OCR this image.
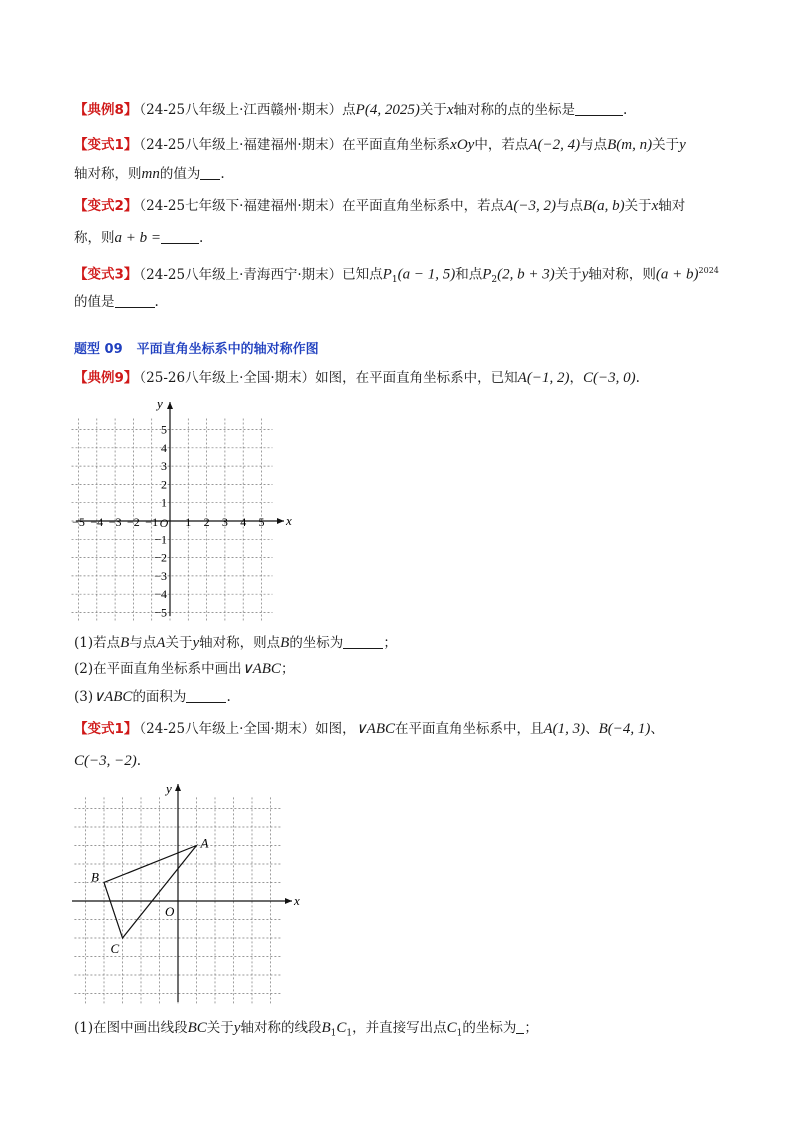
【典例8】 （24-25八年级上·江西赣州·期末）点P(4, 2025)关于x轴对称的点的坐标是	.
【变式1】 （24-25八年级上·福建福州·期末）在平面直角坐标系xOy中，若点A(−2, 4)与点B(m, n)关于y
轴对称，则mn的值为 .
【变式2】 （24-25七年级下·福建福州·期末）在平面直角坐标系中，若点A(−3, 2)与点B(a, b)关于x轴对
称，则a + b =	.
【变式3】 （24-25八年级上·青海西宁·期末）已知点$P_1(a - 1$, 5)和点$P_2(2$, b + 3)关于y轴对称，则$(a + b)^{2024}$
的值是	.
题型 09 平面直角坐标系中的轴对称作图
【典例9】 （25-26八年级上·全国·期末）如图，在平面直角坐标系中，已知A(−1, 2)，C(−3, 0).
x
y
O
−5 −4 −3 −2 −1 1 2 3 4 5
5
4
3
2
1
−1
−2
−3
−4
−5
(1)若点B与点A关于y轴对称，则点B的坐标为	；
(2)在平面直角坐标系中画出∨ABC；
(3)∨ABC的面积为	.
【变式1】 （24-25八年级上·全国·期末）如图，∨ABC在平面直角坐标系中，且A(1, 3)、B(−4, 1)、
C(−3, −2).
x
y
O
A
B
C
(1)在图中画出线段BC关于y轴对称的线段$B_1C_1$，并直接写出点$C_1$的坐标为 ；
